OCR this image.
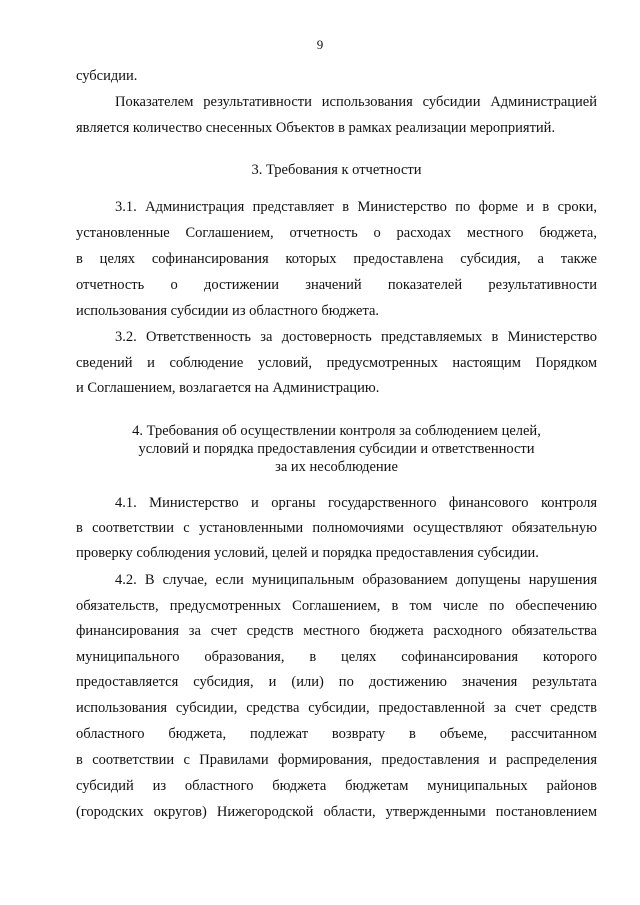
9
субсидии.
Показателем результативности использования субсидии Администрацией
является количество снесенных Объектов в рамках реализации мероприятий.
3. Требования к отчетности
3.1. Администрация представляет в Министерство по форме и в сроки,
установленные Соглашением, отчетность о расходах местного бюджета,
в целях софинансирования которых предоставлена субсидия, а также
отчетность о достижении значений показателей результативности
использования субсидии из областного бюджета.
3.2. Ответственность за достоверность представляемых в Министерство
сведений и соблюдение условий, предусмотренных настоящим Порядком
и Соглашением, возлагается на Администрацию.
4. Требования об осуществлении контроля за соблюдением целей,
условий и порядка предоставления субсидии и ответственности
за их несоблюдение
4.1. Министерство и органы государственного финансового контроля
в соответствии с установленными полномочиями осуществляют обязательную
проверку соблюдения условий, целей и порядка предоставления субсидии.
4.2. В случае, если муниципальным образованием допущены нарушения
обязательств, предусмотренных Соглашением, в том числе по обеспечению
финансирования за счет средств местного бюджета расходного обязательства
муниципального образования, в целях софинансирования которого
предоставляется субсидия, и (или) по достижению значения результата
использования субсидии, средства субсидии, предоставленной за счет средств
областного бюджета, подлежат возврату в объеме, рассчитанном
в соответствии с Правилами формирования, предоставления и распределения
субсидий из областного бюджета бюджетам муниципальных районов
(городских округов) Нижегородской области, утвержденными постановлением
